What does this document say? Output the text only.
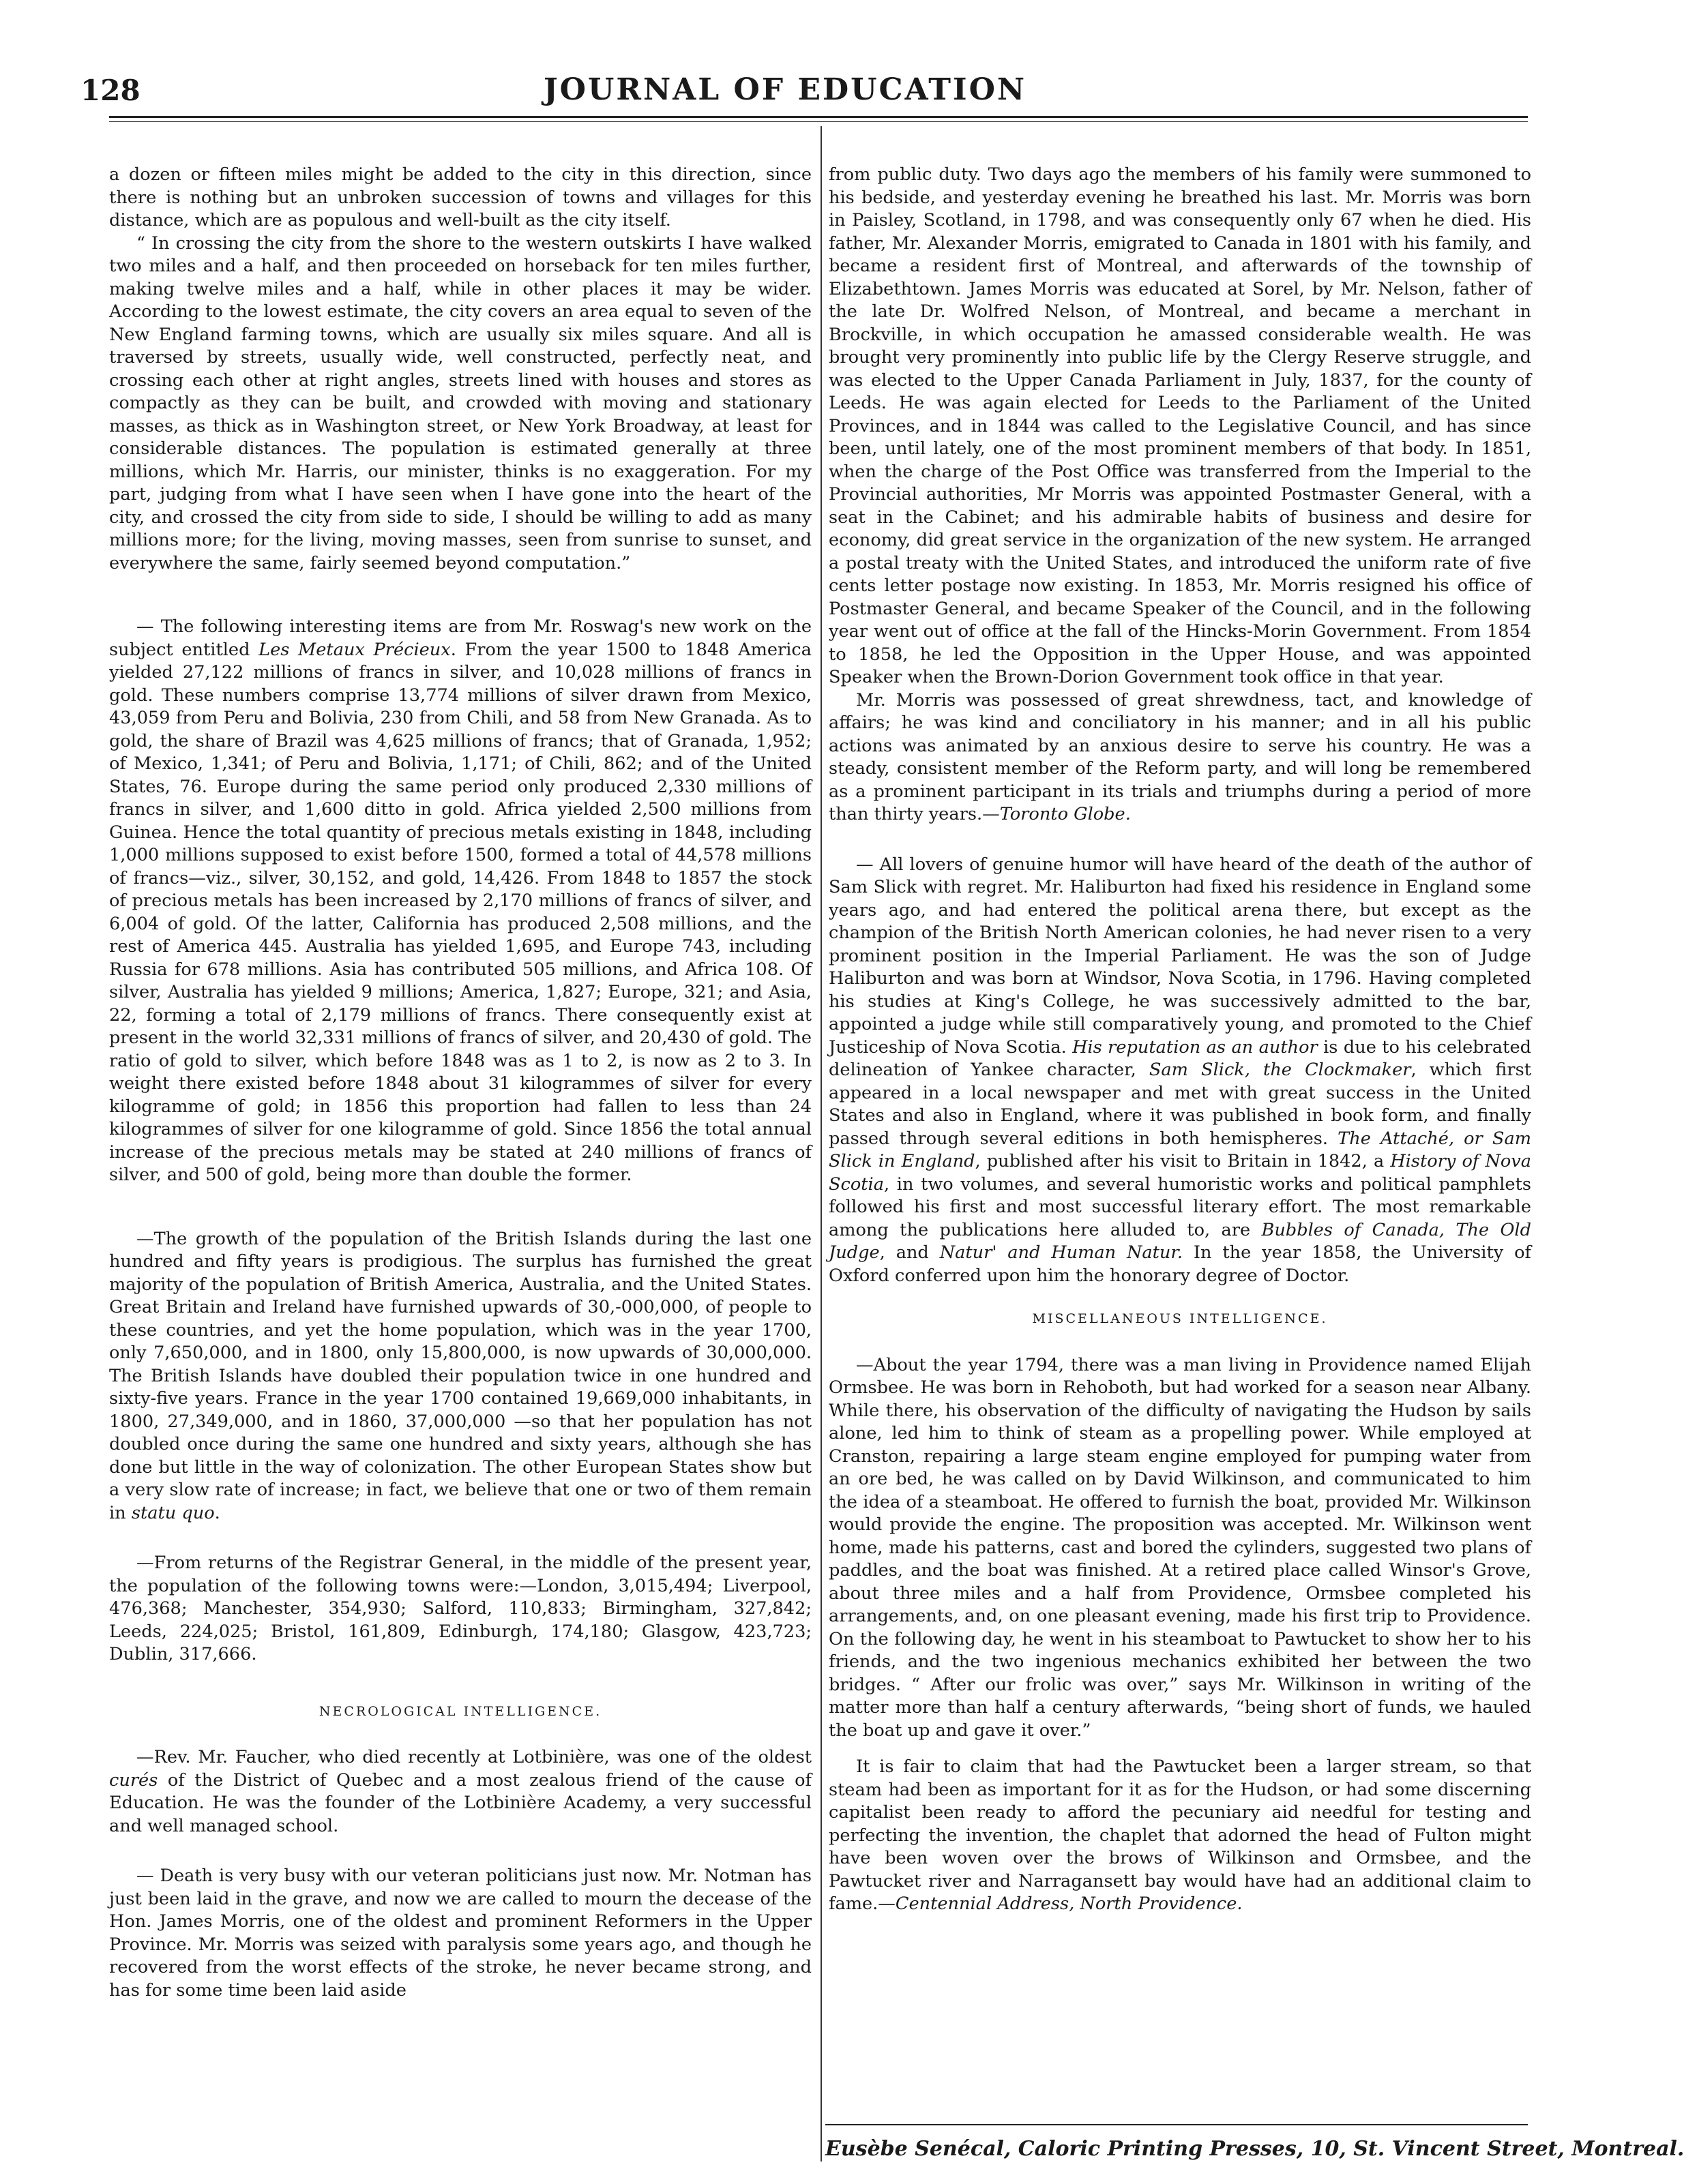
128	JOURNAL OF EDUCATION

a dozen or fifteen miles might be added to the city in this direction, since there is nothing but an unbroken succession of towns and villages for this distance, which are as populous and well-built as the city itself.

“ In crossing the city from the shore to the western outskirts I have walked two miles and a half, and then proceeded on horseback for ten miles further, making twelve miles and a half, while in other places it may be wider. According to the lowest estimate, the city covers an area equal to seven of the New England farming towns, which are usually six miles square. And all is traversed by streets, usually wide, well constructed, perfectly neat, and crossing each other at right angles, streets lined with houses and stores as compactly as they can be built, and crowded with moving and stationary masses, as thick as in Washington street, or New York Broadway, at least for considerable distances. The population is estimated generally at three millions, which Mr. Harris, our minister, thinks is no exaggeration. For my part, judging from what I have seen when I have gone into the heart of the city, and crossed the city from side to side, I should be willing to add as many millions more; for the living, moving masses, seen from sunrise to sunset, and everywhere the same, fairly seemed beyond computation.”

— The following interesting items are from Mr. Roswag's new work on the subject entitled Les Metaux Précieux. From the year 1500 to 1848 America yielded 27,122 millions of francs in silver, and 10,028 millions of francs in gold. These numbers comprise 13,774 millions of silver drawn from Mexico, 43,059 from Peru and Bolivia, 230 from Chili, and 58 from New Granada. As to gold, the share of Brazil was 4,625 millions of francs; that of Granada, 1,952; of Mexico, 1,341; of Peru and Bolivia, 1,171; of Chili, 862; and of the United States, 76. Europe during the same period only produced 2,330 millions of francs in silver, and 1,600 ditto in gold. Africa yielded 2,500 millions from Guinea. Hence the total quantity of precious metals existing in 1848, including 1,000 millions supposed to exist before 1500, formed a total of 44,578 millions of francs—viz., silver, 30,152, and gold, 14,426. From 1848 to 1857 the stock of precious metals has been increased by 2,170 millions of francs of silver, and 6,004 of gold. Of the latter, California has produced 2,508 millions, and the rest of America 445. Australia has yielded 1,695, and Europe 743, including Russia for 678 millions. Asia has contributed 505 millions, and Africa 108. Of silver, Australia has yielded 9 millions; America, 1,827; Europe, 321; and Asia, 22, forming a total of 2,179 millions of francs. There consequently exist at present in the world 32,331 millions of francs of silver, and 20,430 of gold. The ratio of gold to silver, which before 1848 was as 1 to 2, is now as 2 to 3. In weight there existed before 1848 about 31 kilogrammes of silver for every kilogramme of gold; in 1856 this proportion had fallen to less than 24 kilogrammes of silver for one kilogramme of gold. Since 1856 the total annual increase of the precious metals may be stated at 240 millions of francs of silver, and 500 of gold, being more than double the former.

—The growth of the population of the British Islands during the last one hundred and fifty years is prodigious. The surplus has furnished the great majority of the population of British America, Australia, and the United States. Great Britain and Ireland have furnished upwards of 30,-000,000, of people to these countries, and yet the home population, which was in the year 1700, only 7,650,000, and in 1800, only 15,800,000, is now upwards of 30,000,000. The British Islands have doubled their population twice in one hundred and sixty-five years. France in the year 1700 contained 19,669,000 inhabitants, in 1800, 27,349,000, and in 1860, 37,000,000 —so that her population has not doubled once during the same one hundred and sixty years, although she has done but little in the way of colonization. The other European States show but a very slow rate of increase; in fact, we believe that one or two of them remain in statu quo.

—From returns of the Registrar General, in the middle of the present year, the population of the following towns were:—London, 3,015,494; Liverpool, 476,368; Manchester, 354,930; Salford, 110,833; Birmingham, 327,842; Leeds, 224,025; Bristol, 161,809, Edinburgh, 174,180; Glasgow, 423,723; Dublin, 317,666.

NECROLOGICAL INTELLIGENCE.

—Rev. Mr. Faucher, who died recently at Lotbinière, was one of the oldest curés of the District of Quebec and a most zealous friend of the cause of Education. He was the founder of the Lotbinière Academy, a very successful and well managed school.

— Death is very busy with our veteran politicians just now. Mr. Notman has just been laid in the grave, and now we are called to mourn the decease of the Hon. James Morris, one of the oldest and prominent Reformers in the Upper Province. Mr. Morris was seized with paralysis some years ago, and though he recovered from the worst effects of the stroke, he never became strong, and has for some time been laid aside

from public duty. Two days ago the members of his family were summoned to his bedside, and yesterday evening he breathed his last. Mr. Morris was born in Paisley, Scotland, in 1798, and was consequently only 67 when he died. His father, Mr. Alexander Morris, emigrated to Canada in 1801 with his family, and became a resident first of Montreal, and afterwards of the township of Elizabethtown. James Morris was educated at Sorel, by Mr. Nelson, father of the late Dr. Wolfred Nelson, of Montreal, and became a merchant in Brockville, in which occupation he amassed considerable wealth. He was brought very prominently into public life by the Clergy Reserve struggle, and was elected to the Upper Canada Parliament in July, 1837, for the county of Leeds. He was again elected for Leeds to the Parliament of the United Provinces, and in 1844 was called to the Legislative Council, and has since been, until lately, one of the most prominent members of that body. In 1851, when the charge of the Post Office was transferred from the Imperial to the Provincial authorities, Mr Morris was appointed Postmaster General, with a seat in the Cabinet; and his admirable habits of business and desire for economy, did great service in the organization of the new system. He arranged a postal treaty with the United States, and introduced the uniform rate of five cents letter postage now existing. In 1853, Mr. Morris resigned his office of Postmaster General, and became Speaker of the Council, and in the following year went out of office at the fall of the Hincks-Morin Government. From 1854 to 1858, he led the Opposition in the Upper House, and was appointed Speaker when the Brown-Dorion Government took office in that year.

Mr. Morris was possessed of great shrewdness, tact, and knowledge of affairs; he was kind and conciliatory in his manner; and in all his public actions was animated by an anxious desire to serve his country. He was a steady, consistent member of the Reform party, and will long be remembered as a prominent participant in its trials and triumphs during a period of more than thirty years.—Toronto Globe.

— All lovers of genuine humor will have heard of the death of the author of Sam Slick with regret. Mr. Haliburton had fixed his residence in England some years ago, and had entered the political arena there, but except as the champion of the British North American colonies, he had never risen to a very prominent position in the Imperial Parliament. He was the son of Judge Haliburton and was born at Windsor, Nova Scotia, in 1796. Having completed his studies at King's College, he was successively admitted to the bar, appointed a judge while still comparatively young, and promoted to the Chief Justiceship of Nova Scotia. His reputation as an author is due to his celebrated delineation of Yankee character, Sam Slick, the Clockmaker, which first appeared in a local newspaper and met with great success in the United States and also in England, where it was published in book form, and finally passed through several editions in both hemispheres. The Attaché, or Sam Slick in England, published after his visit to Britain in 1842, a History of Nova Scotia, in two volumes, and several humoristic works and political pamphlets followed his first and most successful literary effort. The most remarkable among the publications here alluded to, are Bubbles of Canada, The Old Judge, and Natur' and Human Natur. In the year 1858, the University of Oxford conferred upon him the honorary degree of Doctor.

MISCELLANEOUS INTELLIGENCE.

—About the year 1794, there was a man living in Providence named Elijah Ormsbee. He was born in Rehoboth, but had worked for a season near Albany. While there, his observation of the difficulty of navigating the Hudson by sails alone, led him to think of steam as a propelling power. While employed at Cranston, repairing a large steam engine employed for pumping water from an ore bed, he was called on by David Wilkinson, and communicated to him the idea of a steamboat. He offered to furnish the boat, provided Mr. Wilkinson would provide the engine. The proposition was accepted. Mr. Wilkinson went home, made his patterns, cast and bored the cylinders, suggested two plans of paddles, and the boat was finished. At a retired place called Winsor's Grove, about three miles and a half from Providence, Ormsbee completed his arrangements, and, on one pleasant evening, made his first trip to Providence. On the following day, he went in his steamboat to Pawtucket to show her to his friends, and the two ingenious mechanics exhibited her between the two bridges. “ After our frolic was over,” says Mr. Wilkinson in writing of the matter more than half a century afterwards, “being short of funds, we hauled the boat up and gave it over.”

It is fair to claim that had the Pawtucket been a larger stream, so that steam had been as important for it as for the Hudson, or had some discerning capitalist been ready to afford the pecuniary aid needful for testing and perfecting the invention, the chaplet that adorned the head of Fulton might have been woven over the brows of Wilkinson and Ormsbee, and the Pawtucket river and Narragansett bay would have had an additional claim to fame.—Centennial Address, North Providence.

Eusèbe Senécal, Caloric Printing Presses, 10, St. Vincent Street, Montreal.
